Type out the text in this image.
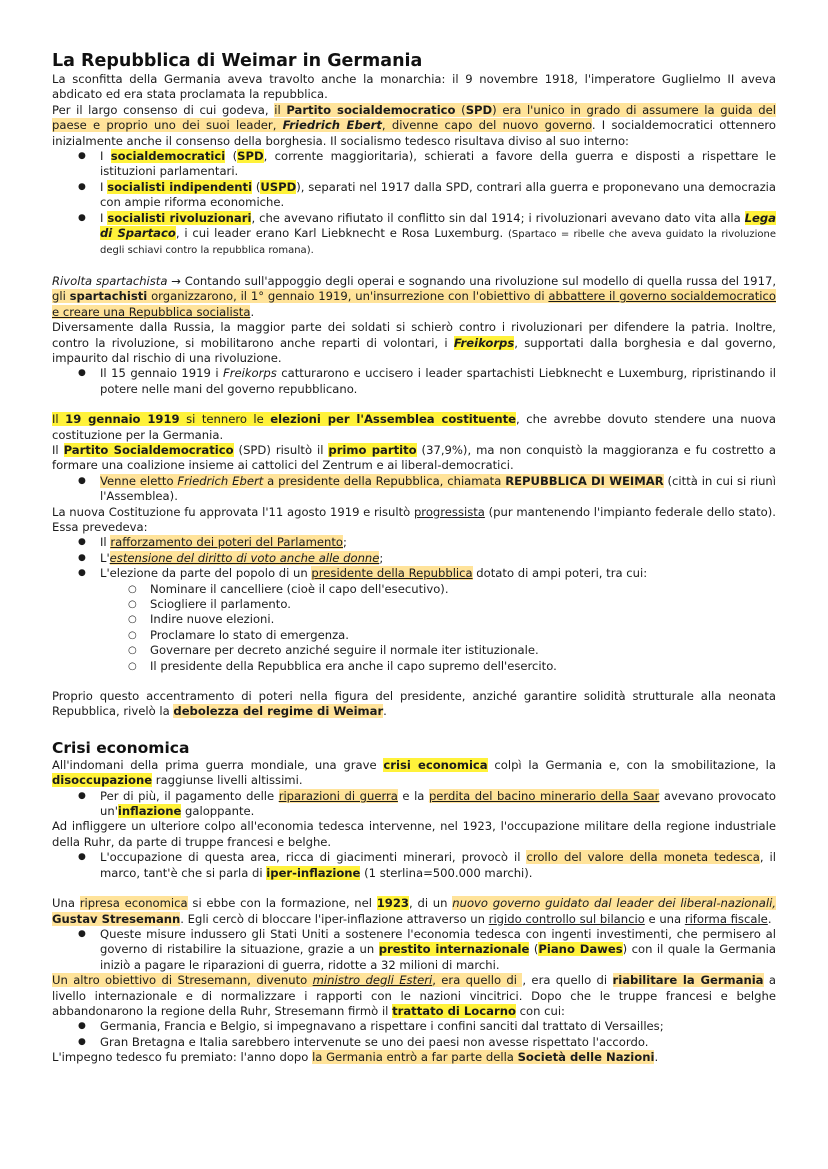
La Repubblica di Weimar in Germania

La sconfitta della Germania aveva travolto anche la monarchia: il 9 novembre 1918, l'imperatore Guglielmo II aveva abdicato ed era stata proclamata la repubblica.

Per il largo consenso di cui godeva, il Partito socialdemocratico (SPD) era l'unico in grado di assumere la guida del paese e proprio uno dei suoi leader, Friedrich Ebert, divenne capo del nuovo governo. I socialdemocratici ottennero inizialmente anche il consenso della borghesia. Il socialismo tedesco risultava diviso al suo interno:

● I socialdemocratici (SPD, corrente maggioritaria), schierati a favore della guerra e disposti a rispettare le istituzioni parlamentari.
● I socialisti indipendenti (USPD), separati nel 1917 dalla SPD, contrari alla guerra e proponevano una democrazia con ampie riforma economiche.
● I socialisti rivoluzionari, che avevano rifiutato il conflitto sin dal 1914; i rivoluzionari avevano dato vita alla Lega di Spartaco, i cui leader erano Karl Liebknecht e Rosa Luxemburg. (Spartaco = ribelle che aveva guidato la rivoluzione degli schiavi contro la repubblica romana).

Rivolta spartachista → Contando sull'appoggio degli operai e sognando una rivoluzione sul modello di quella russa del 1917, gli spartachisti organizzarono, il 1° gennaio 1919, un'insurrezione con l'obiettivo di abbattere il governo socialdemocratico e creare una Repubblica socialista.

Diversamente dalla Russia, la maggior parte dei soldati si schierò contro i rivoluzionari per difendere la patria. Inoltre, contro la rivoluzione, si mobilitarono anche reparti di volontari, i Freikorps, supportati dalla borghesia e dal governo, impaurito dal rischio di una rivoluzione.

● Il 15 gennaio 1919 i Freikorps catturarono e uccisero i leader spartachisti Liebknecht e Luxemburg, ripristinando il potere nelle mani del governo repubblicano.

Il 19 gennaio 1919 si tennero le elezioni per l'Assemblea costituente, che avrebbe dovuto stendere una nuova costituzione per la Germania.

Il Partito Socialdemocratico (SPD) risultò il primo partito (37,9%), ma non conquistò la maggioranza e fu costretto a formare una coalizione insieme ai cattolici del Zentrum e ai liberal-democratici.

● Venne eletto Friedrich Ebert a presidente della Repubblica, chiamata REPUBBLICA DI WEIMAR (città in cui si riunì l'Assemblea).

La nuova Costituzione fu approvata l'11 agosto 1919 e risultò progressista (pur mantenendo l'impianto federale dello stato). Essa prevedeva:

● Il rafforzamento dei poteri del Parlamento;
● L'estensione del diritto di voto anche alle donne;
● L'elezione da parte del popolo di un presidente della Repubblica dotato di ampi poteri, tra cui:
○ Nominare il cancelliere (cioè il capo dell'esecutivo).
○ Sciogliere il parlamento.
○ Indire nuove elezioni.
○ Proclamare lo stato di emergenza.
○ Governare per decreto anziché seguire il normale iter istituzionale.
○ Il presidente della Repubblica era anche il capo supremo dell'esercito.

Proprio questo accentramento di poteri nella figura del presidente, anziché garantire solidità strutturale alla neonata Repubblica, rivelò la debolezza del regime di Weimar.

Crisi economica

All'indomani della prima guerra mondiale, una grave crisi economica colpì la Germania e, con la smobilitazione, la disoccupazione raggiunse livelli altissimi.

● Per di più, il pagamento delle riparazioni di guerra e la perdita del bacino minerario della Saar avevano provocato un'inflazione galoppante.

Ad infliggere un ulteriore colpo all'economia tedesca intervenne, nel 1923, l'occupazione militare della regione industriale della Ruhr, da parte di truppe francesi e belghe.

● L'occupazione di questa area, ricca di giacimenti minerari, provocò il crollo del valore della moneta tedesca, il marco, tant'è che si parla di iper-inflazione (1 sterlina=500.000 marchi).

Una ripresa economica si ebbe con la formazione, nel 1923, di un nuovo governo guidato dal leader dei liberal-nazionali, Gustav Stresemann. Egli cercò di bloccare l'iper-inflazione attraverso un rigido controllo sul bilancio e una riforma fiscale.

● Queste misure indussero gli Stati Uniti a sostenere l'economia tedesca con ingenti investimenti, che permisero al governo di ristabilire la situazione, grazie a un prestito internazionale (Piano Dawes) con il quale la Germania iniziò a pagare le riparazioni di guerra, ridotte a 32 milioni di marchi.

Un altro obiettivo di Stresemann, divenuto ministro degli Esteri, era quello di , era quello di riabilitare la Germania a livello internazionale e di normalizzare i rapporti con le nazioni vincitrici. Dopo che le truppe francesi e belghe abbandonarono la regione della Ruhr, Stresemann firmò il trattato di Locarno con cui:

● Germania, Francia e Belgio, si impegnavano a rispettare i confini sanciti dal trattato di Versailles;
● Gran Bretagna e Italia sarebbero intervenute se uno dei paesi non avesse rispettato l'accordo.

L'impegno tedesco fu premiato: l'anno dopo la Germania entrò a far parte della Società delle Nazioni.
